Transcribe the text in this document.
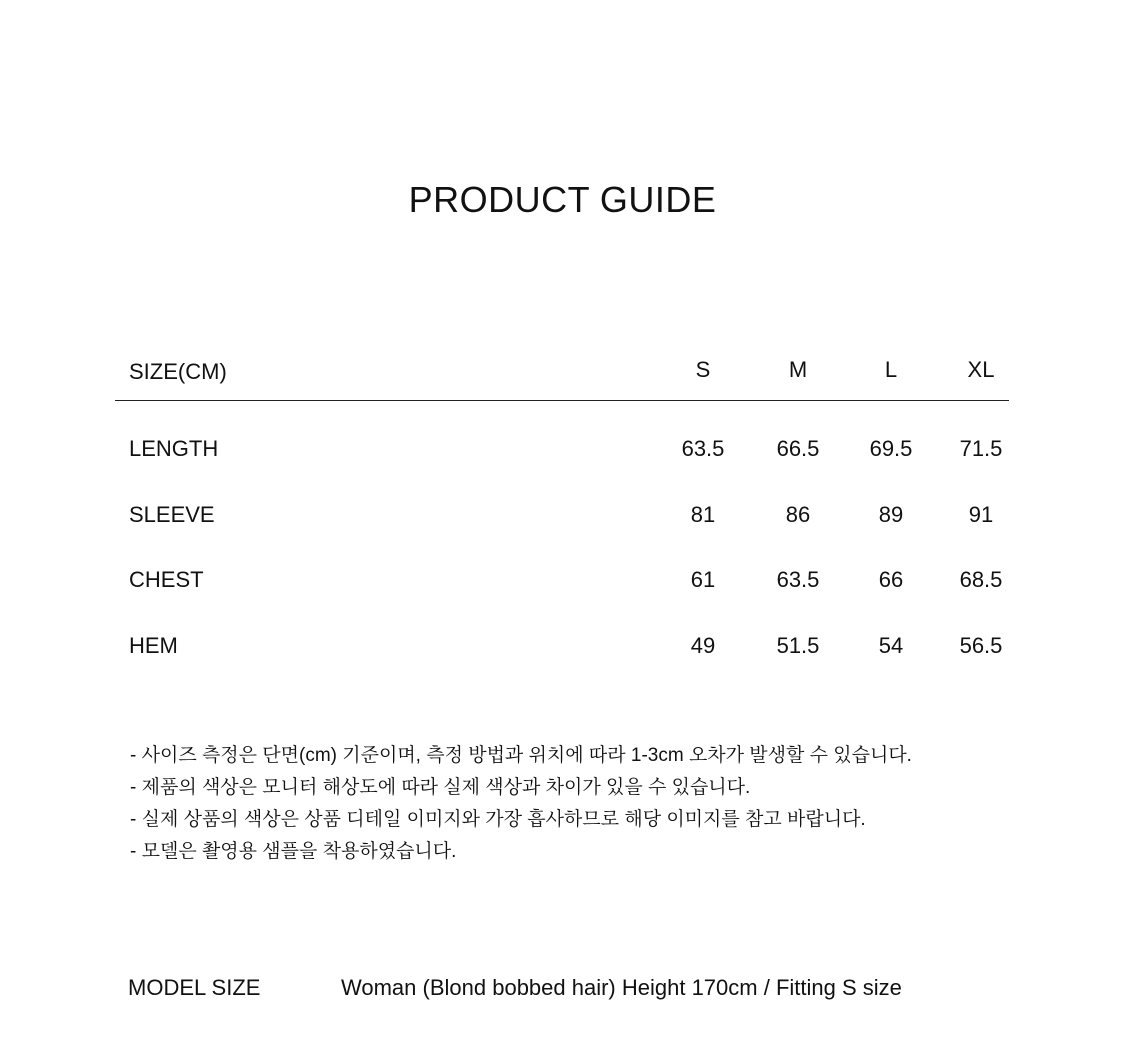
PRODUCT GUIDE
SIZE(CM)	S	M	L	XL
LENGTH	63.5	66.5	69.5	71.5
SLEEVE	81	86	89	91
CHEST	61	63.5	66	68.5
HEM	49	51.5	54	56.5
- 사이즈 측정은 단면(cm) 기준이며, 측정 방법과 위치에 따라 1-3cm 오차가 발생할 수 있습니다.
- 제품의 색상은 모니터 해상도에 따라 실제 색상과 차이가 있을 수 있습니다.
- 실제 상품의 색상은 상품 디테일 이미지와 가장 흡사하므로 해당 이미지를 참고 바랍니다.
- 모델은 촬영용 샘플을 착용하였습니다.
MODEL SIZE	Woman (Blond bobbed hair) Height 170cm / Fitting S size
